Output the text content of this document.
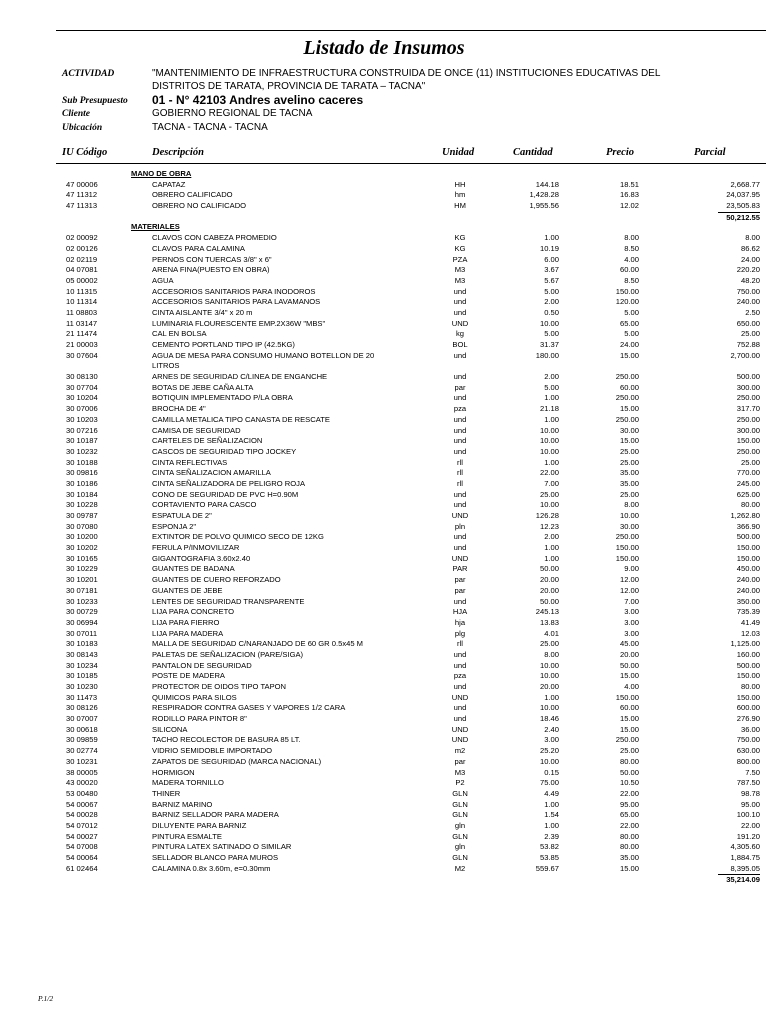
Listado de Insumos
ACTIVIDAD	"MANTENIMIENTO DE INFRAESTRUCTURA CONSTRUIDA DE ONCE (11) INSTITUCIONES EDUCATIVAS DEL
DISTRITOS DE TARATA, PROVINCIA DE TARATA – TACNA"
Sub Presupuesto 01 - N° 42103 Andres avelino caceres
Cliente	GOBIERNO REGIONAL DE TACNA
Ubicación	TACNA - TACNA - TACNA
IU Código	Descripción	Unidad	Cantidad	Precio	Parcial
MANO DE OBRA
47 00006	CAPATAZ	HH	144.18	18.51	2,668.77
47 11312	OBRERO CALIFICADO	hm	1,428.28	16.83	24,037.95
47 11313	OBRERO NO CALIFICADO	HM	1,955.56	12.02	23,505.83
50,212.55
MATERIALES
02 00092	CLAVOS CON CABEZA PROMEDIO	KG	1.00	8.00	8.00
02 00126	CLAVOS PARA CALAMINA	KG	10.19	8.50	86.62
02 02119	PERNOS CON TUERCAS 3/8" x 6"	PZA	6.00	4.00	24.00
04 07081	ARENA FINA(PUESTO EN OBRA)	M3	3.67	60.00	220.20
05 00002	AGUA	M3	5.67	8.50	48.20
10 11315	ACCESORIOS SANITARIOS PARA INODOROS	und	5.00	150.00	750.00
10 11314	ACCESORIOS SANITARIOS PARA LAVAMANOS	und	2.00	120.00	240.00
11 08803	CINTA AISLANTE 3/4" x 20 m	und	0.50	5.00	2.50
11 03147	LUMINARIA FLOURESCENTE EMP.2X36W "MBS"	UND	10.00	65.00	650.00
21 11474	CAL EN BOLSA	kg	5.00	5.00	25.00
21 00003	CEMENTO PORTLAND TIPO IP (42.5KG)	BOL	31.37	24.00	752.88
30 07604	AGUA DE MESA PARA CONSUMO HUMANO BOTELLON DE 20	und	180.00	15.00	2,700.00
LITROS
30 08130	ARNES DE SEGURIDAD C/LINEA DE ENGANCHE	und	2.00	250.00	500.00
30 07704	BOTAS DE JEBE CAÑA ALTA	par	5.00	60.00	300.00
30 10204	BOTIQUIN IMPLEMENTADO P/LA OBRA	und	1.00	250.00	250.00
30 07006	BROCHA DE 4"	pza	21.18	15.00	317.70
30 10203	CAMILLA METALICA TIPO CANASTA DE RESCATE	und	1.00	250.00	250.00
30 07216	CAMISA DE SEGURIDAD	und	10.00	30.00	300.00
30 10187	CARTELES DE SEÑALIZACION	und	10.00	15.00	150.00
30 10232	CASCOS DE SEGURIDAD TIPO JOCKEY	und	10.00	25.00	250.00
30 10188	CINTA REFLECTIVAS	rll	1.00	25.00	25.00
30 09816	CINTA SEÑALIZACION AMARILLA	rll	22.00	35.00	770.00
30 10186	CINTA SEÑALIZADORA DE PELIGRO ROJA	rll	7.00	35.00	245.00
30 10184	CONO DE SEGURIDAD DE PVC H=0.90M	und	25.00	25.00	625.00
30 10228	CORTAVIENTO PARA CASCO	und	10.00	8.00	80.00
30 09787	ESPATULA DE 2"	UND	126.28	10.00	1,262.80
30 07080	ESPONJA 2"	pln	12.23	30.00	366.90
30 10200	EXTINTOR DE POLVO QUIMICO SECO DE 12KG	und	2.00	250.00	500.00
30 10202	FERULA P/INMOVILIZAR	und	1.00	150.00	150.00
30 10165	GIGANTOGRAFIA 3.60x2.40	UND	1.00	150.00	150.00
30 10229	GUANTES DE BADANA	PAR	50.00	9.00	450.00
30 10201	GUANTES DE CUERO REFORZADO	par	20.00	12.00	240.00
30 07181	GUANTES DE JEBE	par	20.00	12.00	240.00
30 10233	LENTES DE SEGURIDAD TRANSPARENTE	und	50.00	7.00	350.00
30 00729	LIJA PARA CONCRETO	HJA	245.13	3.00	735.39
30 06994	LIJA PARA FIERRO	hja	13.83	3.00	41.49
30 07011	LIJA PARA MADERA	plg	4.01	3.00	12.03
30 10183	MALLA DE SEGURIDAD C/NARANJADO DE 60 GR 0.5x45 M	rll	25.00	45.00	1,125.00
30 08143	PALETAS DE SEÑALIZACION (PARE/SIGA)	und	8.00	20.00	160.00
30 10234	PANTALON DE SEGURIDAD	und	10.00	50.00	500.00
30 10185	POSTE DE MADERA	pza	10.00	15.00	150.00
30 10230	PROTECTOR DE OIDOS TIPO TAPON	und	20.00	4.00	80.00
30 11473	QUIMICOS PARA SILOS	UND	1.00	150.00	150.00
30 08126	RESPIRADOR CONTRA GASES Y VAPORES 1/2 CARA	und	10.00	60.00	600.00
30 07007	RODILLO PARA PINTOR 8"	und	18.46	15.00	276.90
30 00618	SILICONA	UND	2.40	15.00	36.00
30 09859	TACHO RECOLECTOR DE BASURA 85 LT.	UND	3.00	250.00	750.00
30 02774	VIDRIO SEMIDOBLE IMPORTADO	m2	25.20	25.00	630.00
30 10231	ZAPATOS DE SEGURIDAD (MARCA NACIONAL)	par	10.00	80.00	800.00
38 00005	HORMIGON	M3	0.15	50.00	7.50
43 00020	MADERA TORNILLO	P2	75.00	10.50	787.50
53 00480	THINER	GLN	4.49	22.00	98.78
54 00067	BARNIZ MARINO	GLN	1.00	95.00	95.00
54 00028	BARNIZ SELLADOR PARA MADERA	GLN	1.54	65.00	100.10
54 07012	DILUYENTE PARA BARNIZ	gln	1.00	22.00	22.00
54 00027	PINTURA ESMALTE	GLN	2.39	80.00	191.20
54 07008	PINTURA LATEX SATINADO O SIMILAR	gln	53.82	80.00	4,305.60
54 00064	SELLADOR BLANCO PARA MUROS	GLN	53.85	35.00	1,884.75
61 02464	CALAMINA 0.8x 3.60m, e=0.30mm	M2	559.67	15.00	8,395.05
35,214.09
P.1/2
